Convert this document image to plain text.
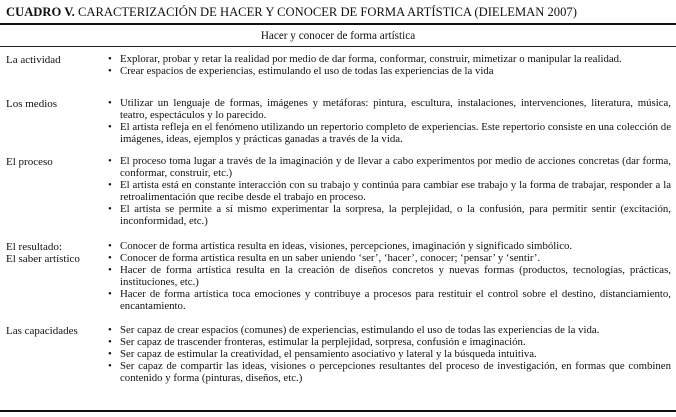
CUADRO V. CARACTERIZACIÓN DE HACER Y CONOCER DE FORMA ARTÍSTICA (DIELEMAN 2007)
Hacer y conocer de forma artística
La actividad	• Explorar, probar y retar la realidad por medio de dar forma, conformar, construir, mimetizar o manipular la realidad.
• Crear espacios de experiencias, estimulando el uso de todas las experiencias de la vida
Los medios	• Utilizar un lenguaje de formas, imágenes y metáforas: pintura, escultura, instalaciones, intervenciones, literatura, música, teatro, espectáculos y lo parecido.
• El artista refleja en el fenómeno utilizando un repertorio completo de experiencias. Este repertorio consiste en una colección de imágenes, ideas, ejemplos y prácticas ganadas a través de la vida.
El proceso	• El proceso toma lugar a través de la imaginación y de llevar a cabo experimentos por medio de acciones concretas (dar forma, conformar, construir, etc.)
• El artista está en constante interacción con su trabajo y continúa para cambiar ese trabajo y la forma de trabajar, responder a la retroalimentación que recibe desde el trabajo en proceso.
• El artista se permite a sí mismo experimentar la sorpresa, la perplejidad, o la confusión, para permitir sentir (excitación, inconformidad, etc.)
El resultado:
El saber artístico
• Conocer de forma artística resulta en ideas, visiones, percepciones, imaginación y significado simbólico.
• Conocer de forma artística resulta en un saber uniendo ‘ser’, ‘hacer’, conocer; ‘pensar’ y ‘sentir’.
• Hacer de forma artística resulta en la creación de diseños concretos y nuevas formas (productos, tecnologías, prácticas, instituciones, etc.)
• Hacer de forma artística toca emociones y contribuye a procesos para restituir el control sobre el destino, distanciamiento, encantamiento.
Las capacidades	• Ser capaz de crear espacios (comunes) de experiencias, estimulando el uso de todas las experiencias de la vida.
• Ser capaz de trascender fronteras, estimular la perplejidad, sorpresa, confusión e imaginación.
• Ser capaz de estimular la creatividad, el pensamiento asociativo y lateral y la búsqueda intuitiva.
• Ser capaz de compartir las ideas, visiones o percepciones resultantes del proceso de investigación, en formas que combinen contenido y forma (pinturas, diseños, etc.)
